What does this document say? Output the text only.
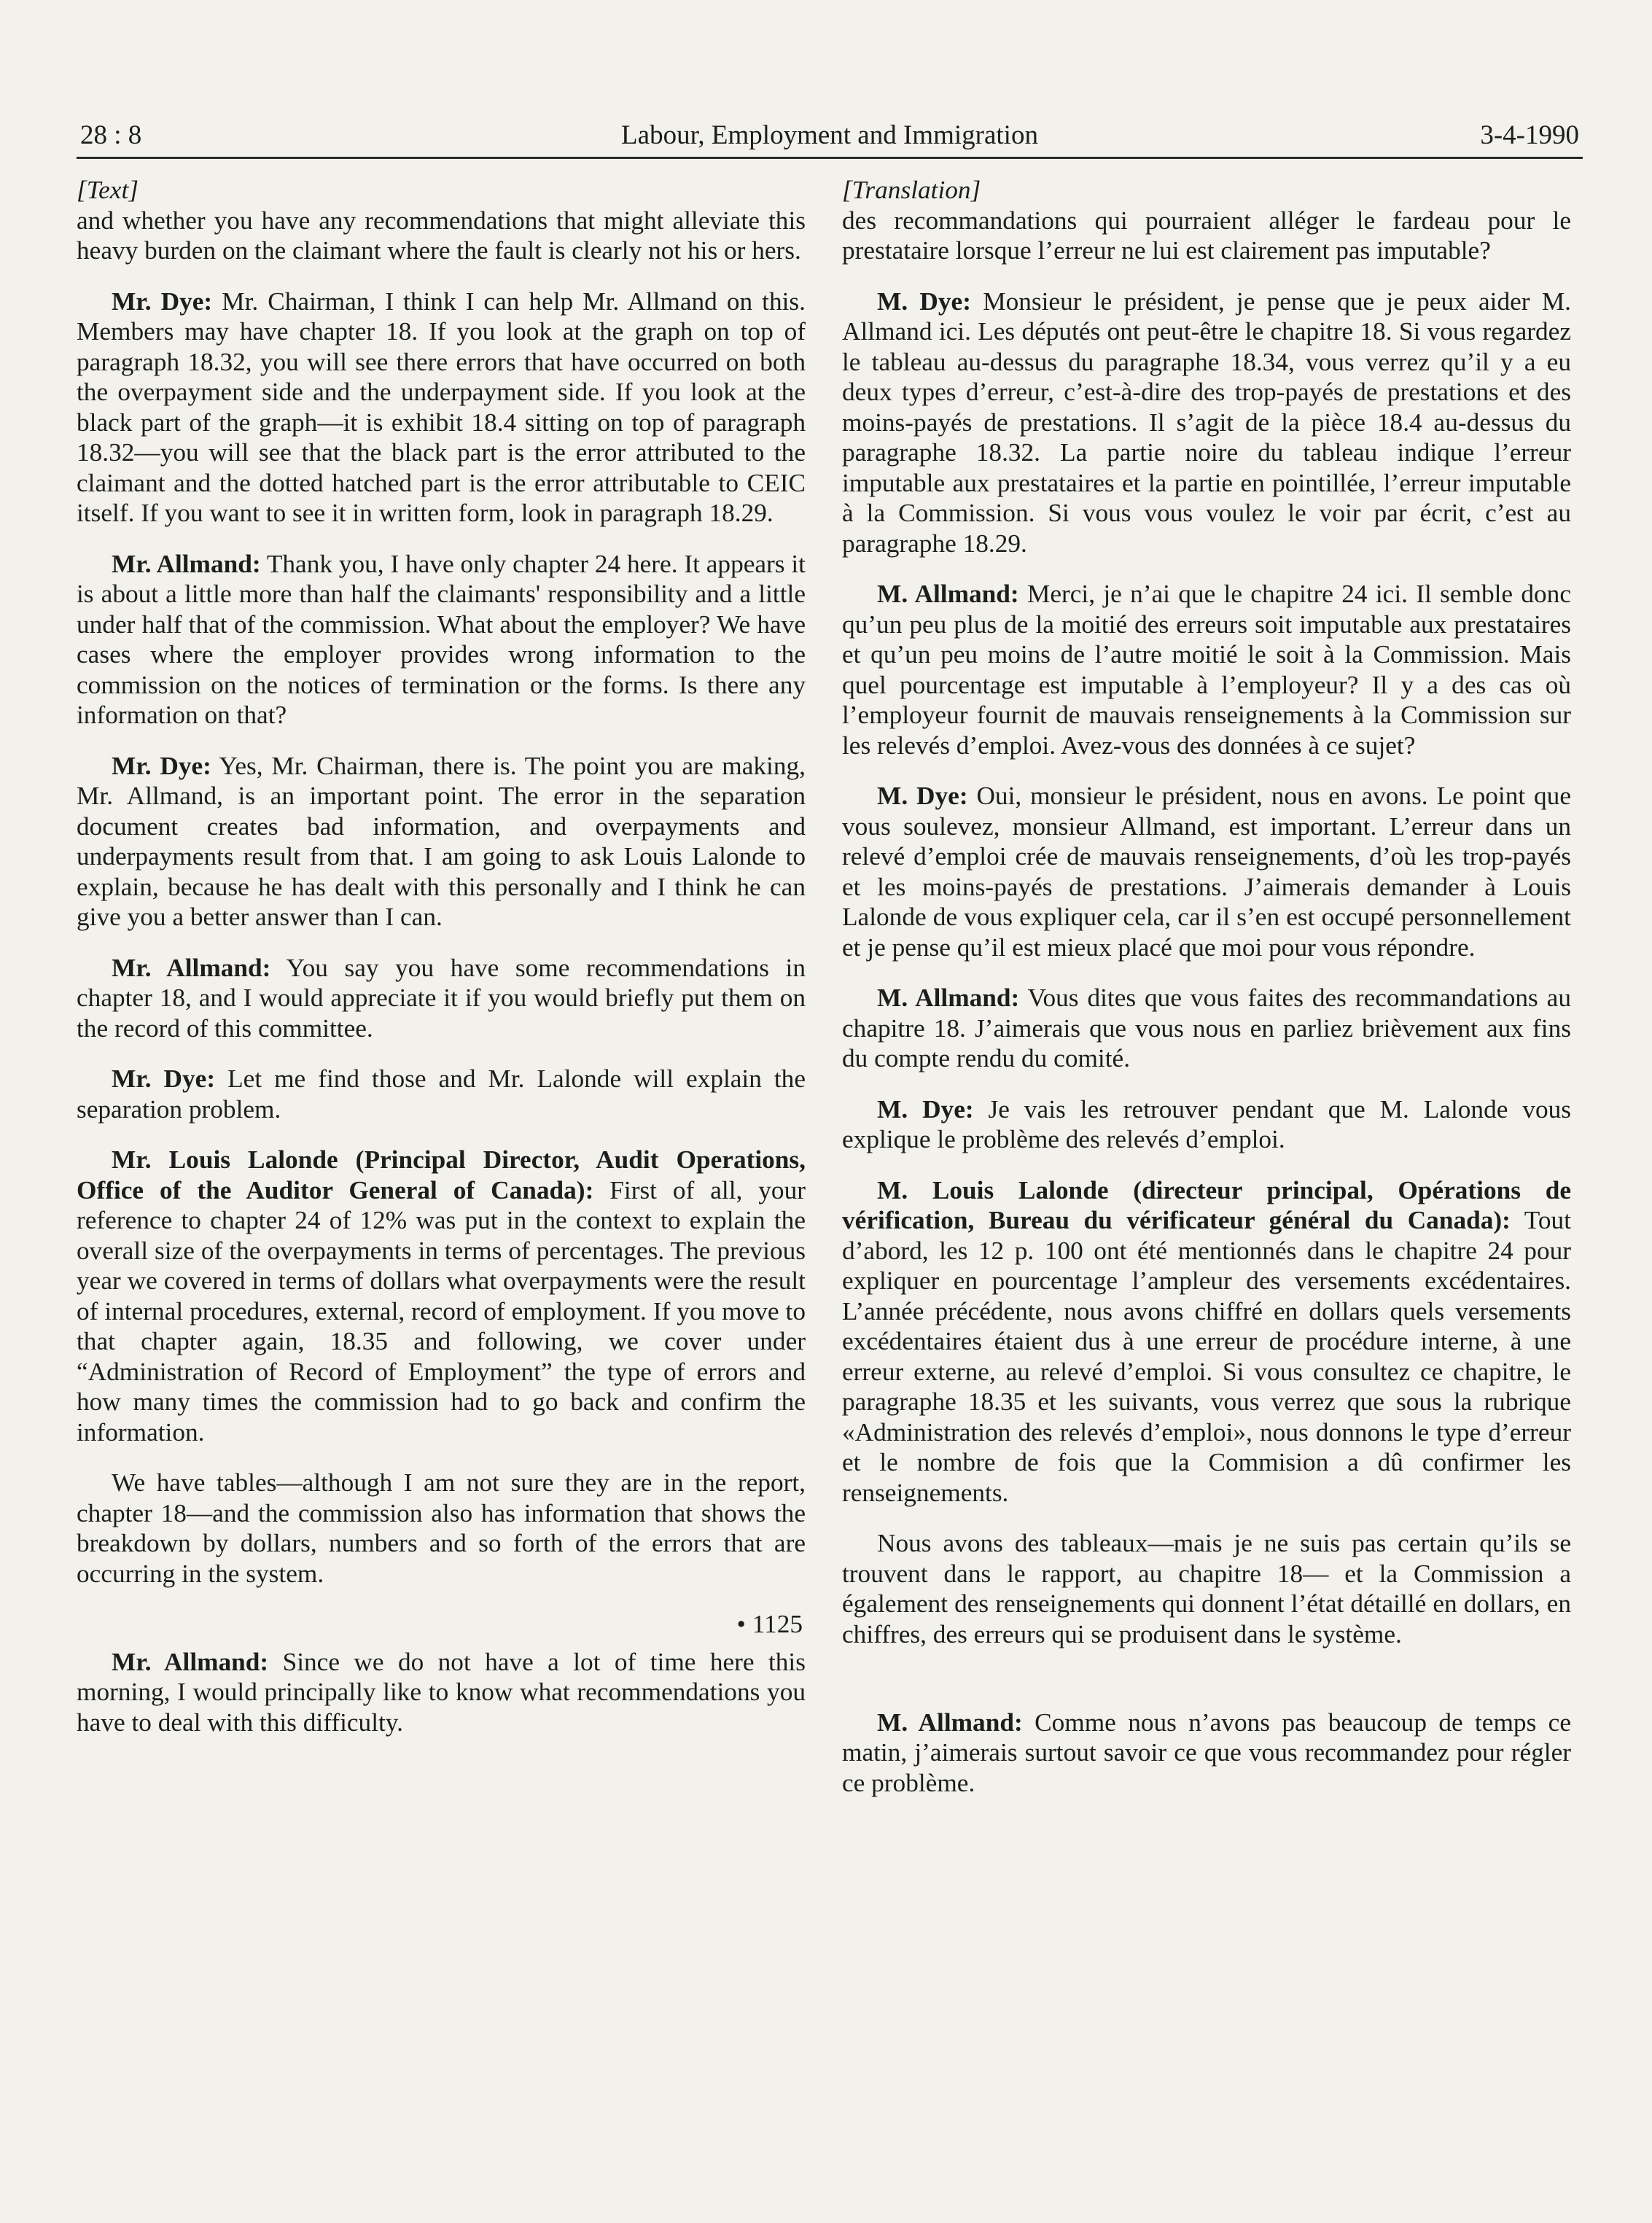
28 : 8	Labour, Employment and Immigration	3-4-1990
[Text]

and whether you have any recommendations that might alleviate this heavy burden on the claimant where the fault is clearly not his or hers.

Mr. Dye: Mr. Chairman, I think I can help Mr. Allmand on this. Members may have chapter 18. If you look at the graph on top of paragraph 18.32, you will see there errors that have occurred on both the overpayment side and the underpayment side. If you look at the black part of the graph—it is exhibit 18.4 sitting on top of paragraph 18.32—you will see that the black part is the error attributed to the claimant and the dotted hatched part is the error attributable to CEIC itself. If you want to see it in written form, look in paragraph 18.29.

Mr. Allmand: Thank you, I have only chapter 24 here. It appears it is about a little more than half the claimants' responsibility and a little under half that of the commission. What about the employer? We have cases where the employer provides wrong information to the commission on the notices of termination or the forms. Is there any information on that?

Mr. Dye: Yes, Mr. Chairman, there is. The point you are making, Mr. Allmand, is an important point. The error in the separation document creates bad information, and overpayments and underpayments result from that. I am going to ask Louis Lalonde to explain, because he has dealt with this personally and I think he can give you a better answer than I can.

Mr. Allmand: You say you have some recommendations in chapter 18, and I would appreciate it if you would briefly put them on the record of this committee.

Mr. Dye: Let me find those and Mr. Lalonde will explain the separation problem.

Mr. Louis Lalonde (Principal Director, Audit Operations, Office of the Auditor General of Canada): First of all, your reference to chapter 24 of 12% was put in the context to explain the overall size of the overpayments in terms of percentages. The previous year we covered in terms of dollars what overpayments were the result of internal procedures, external, record of employment. If you move to that chapter again, 18.35 and following, we cover under “Administration of Record of Employment” the type of errors and how many times the commission had to go back and confirm the information.

We have tables—although I am not sure they are in the report, chapter 18—and the commission also has information that shows the breakdown by dollars, numbers and so forth of the errors that are occurring in the system.

• 1125

Mr. Allmand: Since we do not have a lot of time here this morning, I would principally like to know what recommendations you have to deal with this difficulty.

[Translation]

des recommandations qui pourraient alléger le fardeau pour le prestataire lorsque l’erreur ne lui est clairement pas imputable?

M. Dye: Monsieur le président, je pense que je peux aider M. Allmand ici. Les députés ont peut-être le chapitre 18. Si vous regardez le tableau au-dessus du paragraphe 18.34, vous verrez qu’il y a eu deux types d’erreur, c’est-à-dire des trop-payés de prestations et des moins-payés de prestations. Il s’agit de la pièce 18.4 au-dessus du paragraphe 18.32. La partie noire du tableau indique l’erreur imputable aux prestataires et la partie en pointillée, l’erreur imputable à la Commission. Si vous vous voulez le voir par écrit, c’est au paragraphe 18.29.

M. Allmand: Merci, je n’ai que le chapitre 24 ici. Il semble donc qu’un peu plus de la moitié des erreurs soit imputable aux prestataires et qu’un peu moins de l’autre moitié le soit à la Commission. Mais quel pourcentage est imputable à l’employeur? Il y a des cas où l’employeur fournit de mauvais renseignements à la Commission sur les relevés d’emploi. Avez-vous des données à ce sujet?

M. Dye: Oui, monsieur le président, nous en avons. Le point que vous soulevez, monsieur Allmand, est important. L’erreur dans un relevé d’emploi crée de mauvais renseignements, d’où les trop-payés et les moins-payés de prestations. J’aimerais demander à Louis Lalonde de vous expliquer cela, car il s’en est occupé personnellement et je pense qu’il est mieux placé que moi pour vous répondre.

M. Allmand: Vous dites que vous faites des recommandations au chapitre 18. J’aimerais que vous nous en parliez brièvement aux fins du compte rendu du comité.

M. Dye: Je vais les retrouver pendant que M. Lalonde vous explique le problème des relevés d’emploi.

M. Louis Lalonde (directeur principal, Opérations de vérification, Bureau du vérificateur général du Canada): Tout d’abord, les 12 p. 100 ont été mentionnés dans le chapitre 24 pour expliquer en pourcentage l’ampleur des versements excédentaires. L’année précédente, nous avons chiffré en dollars quels versements excédentaires étaient dus à une erreur de procédure interne, à une erreur externe, au relevé d’emploi. Si vous consultez ce chapitre, le paragraphe 18.35 et les suivants, vous verrez que sous la rubrique «Administration des relevés d’emploi», nous donnons le type d’erreur et le nombre de fois que la Commision a dû confirmer les renseignements.

Nous avons des tableaux—mais je ne suis pas certain qu’ils se trouvent dans le rapport, au chapitre 18— et la Commission a également des renseignements qui donnent l’état détaillé en dollars, en chiffres, des erreurs qui se produisent dans le système.

M. Allmand: Comme nous n’avons pas beaucoup de temps ce matin, j’aimerais surtout savoir ce que vous recommandez pour régler ce problème.
